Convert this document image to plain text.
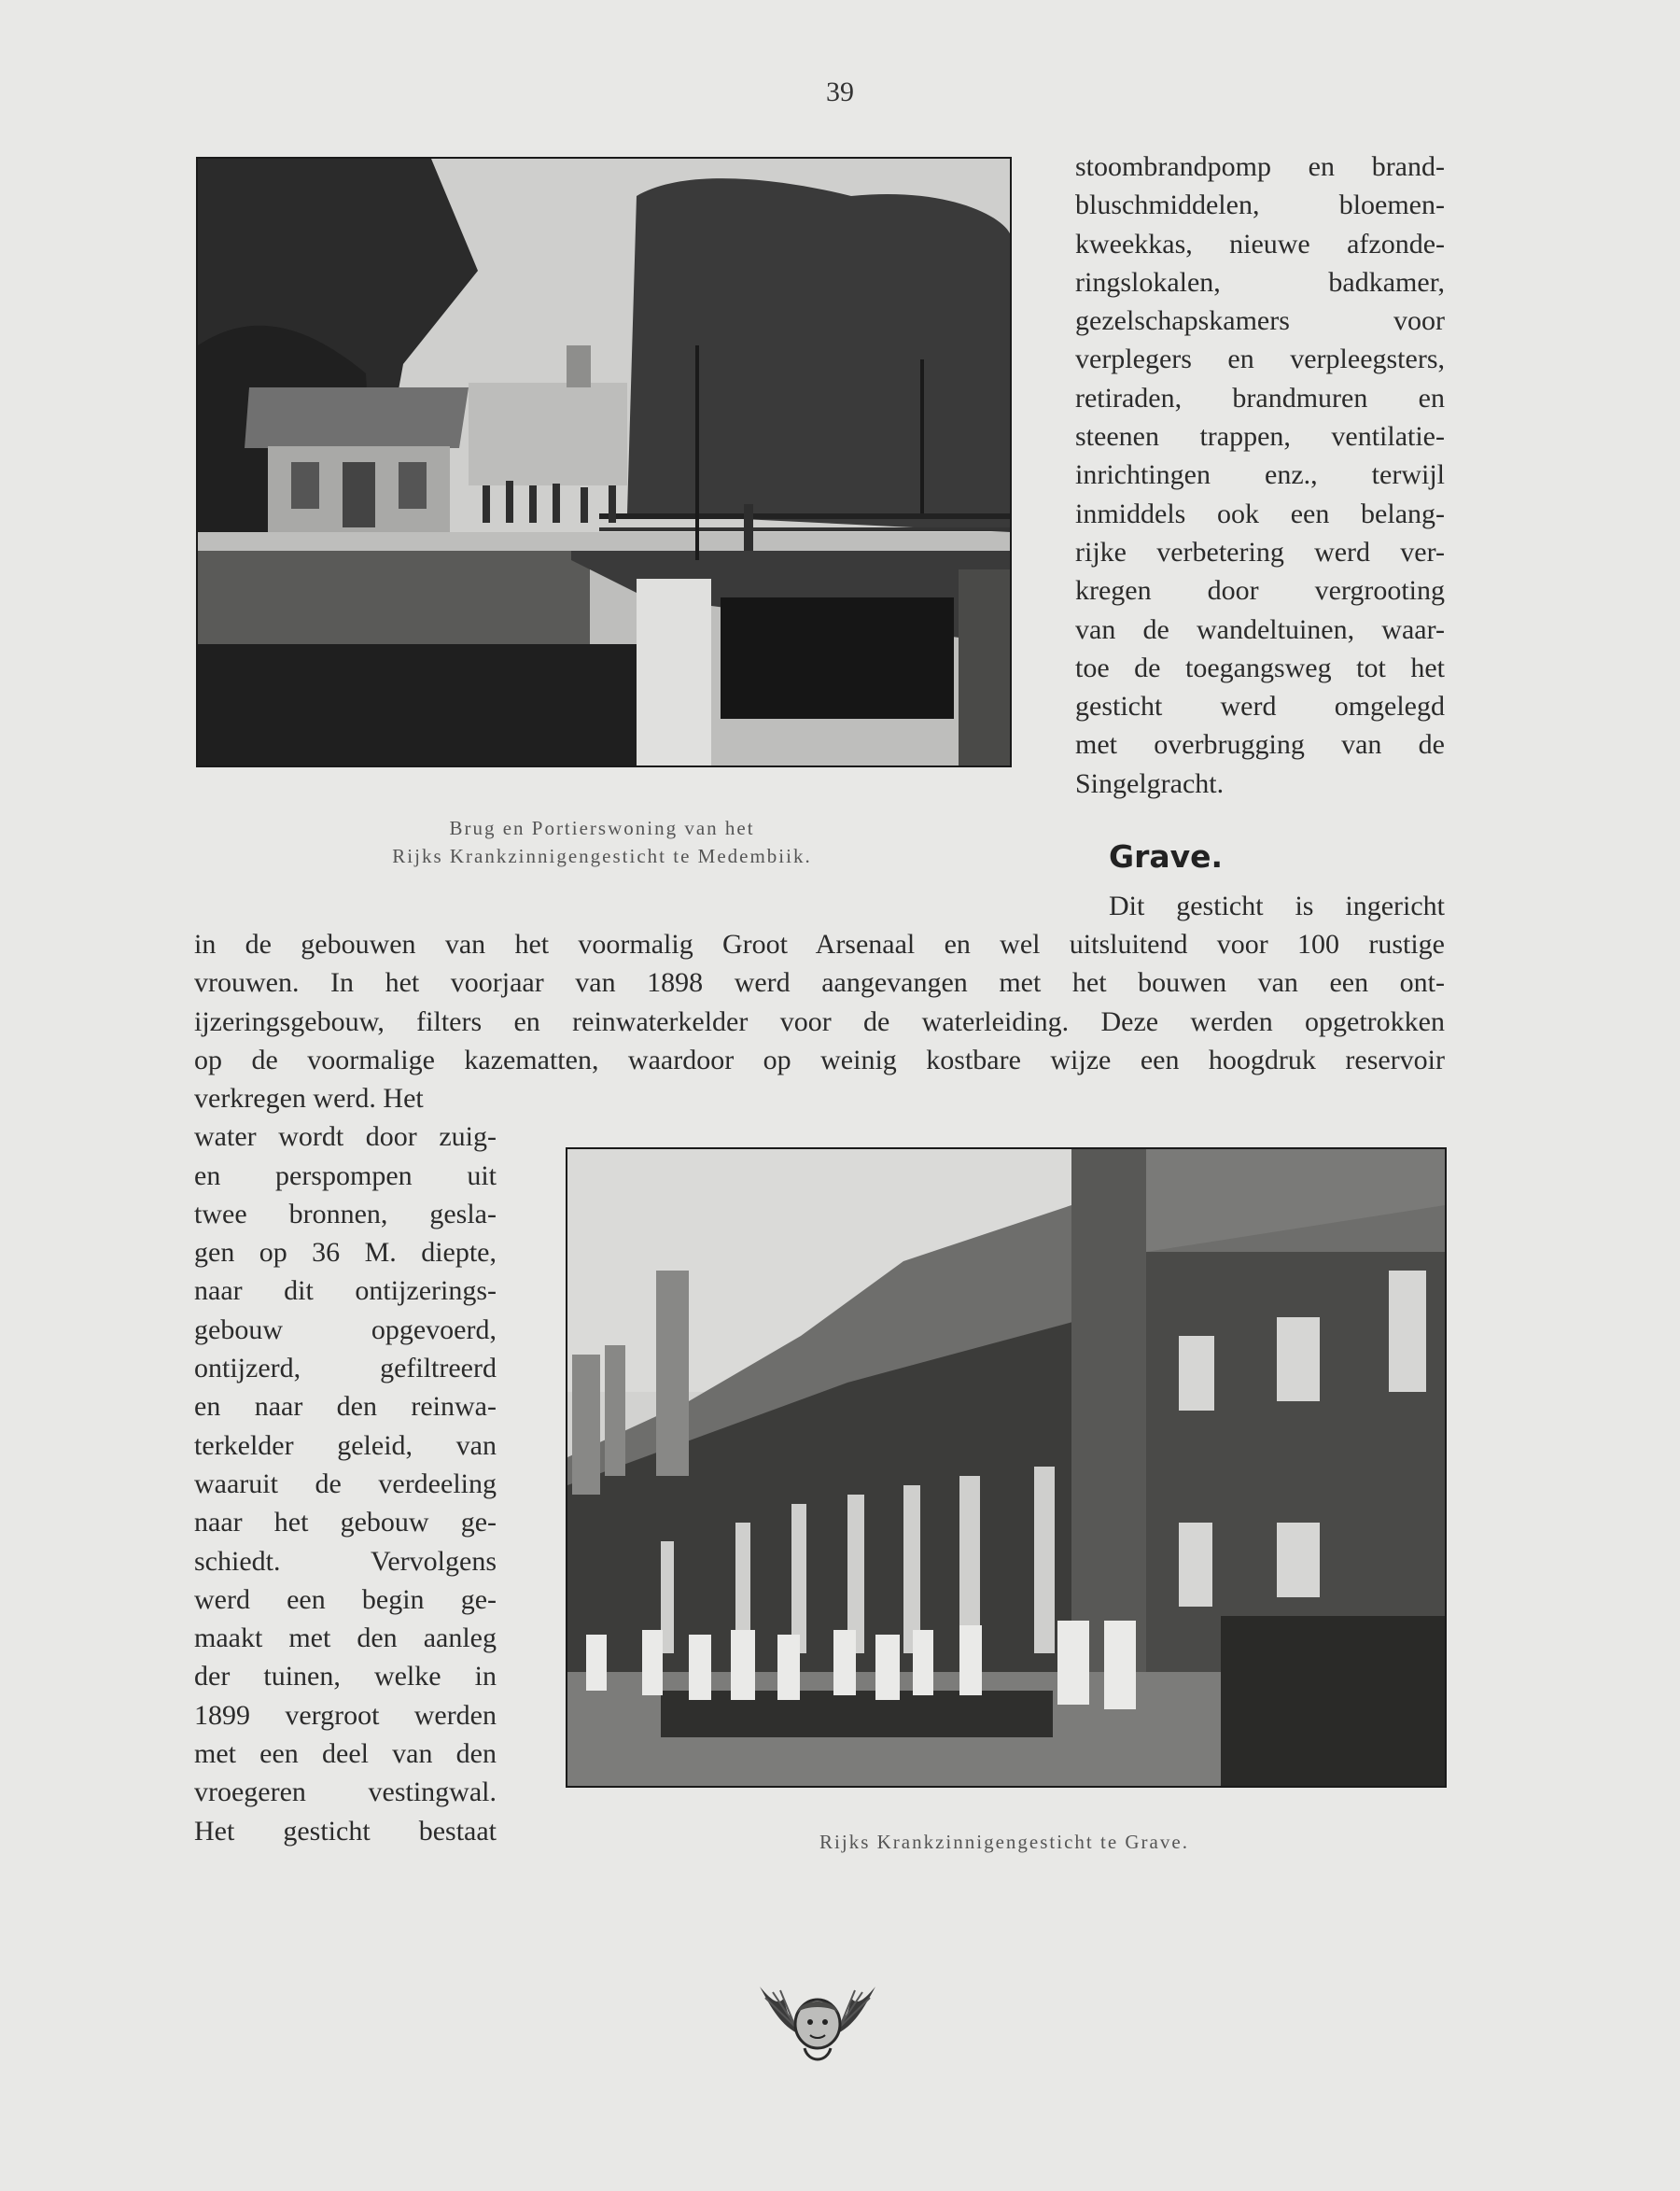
39
Brug en Portierswoning van het
Rijks Krankzinnigengesticht te Medembiik.
stoombrandpomp en brand-
bluschmiddelen, bloemen-
kweekkas, nieuwe afzonde-
ringslokalen, badkamer,
gezelschapskamers voor
verplegers en verpleegsters,
retiraden, brandmuren en
steenen trappen, ventilatie-
inrichtingen enz., terwijl
inmiddels ook een belang-
rijke verbetering werd ver-
kregen door vergrooting
van de wandeltuinen, waar-
toe de toegangsweg tot het
gesticht werd omgelegd
met overbrugging van de
Singelgracht.
Grave.
Dit gesticht is ingericht
in de gebouwen van het voormalig Groot Arsenaal en wel uitsluitend voor 100 rustige
vrouwen. In het voorjaar van 1898 werd aangevangen met het bouwen van een ont-
ijzeringsgebouw, filters en reinwaterkelder voor de waterleiding. Deze werden opgetrokken
op de voormalige kazematten, waardoor op weinig kostbare wijze een hoogdruk reservoir
verkregen werd. Het
water wordt door zuig-
en perspompen uit
twee bronnen, gesla-
gen op 36 M. diepte,
naar dit ontijzerings-
gebouw opgevoerd,
ontijzerd, gefiltreerd
en naar den reinwa-
terkelder geleid, van
waaruit de verdeeling
naar het gebouw ge-
schiedt. Vervolgens
werd een begin ge-
maakt met den aanleg
der tuinen, welke in
1899 vergroot werden
met een deel van den
vroegeren vestingwal.
Het gesticht bestaat	Rijks Krankzinnigengesticht te Grave.
